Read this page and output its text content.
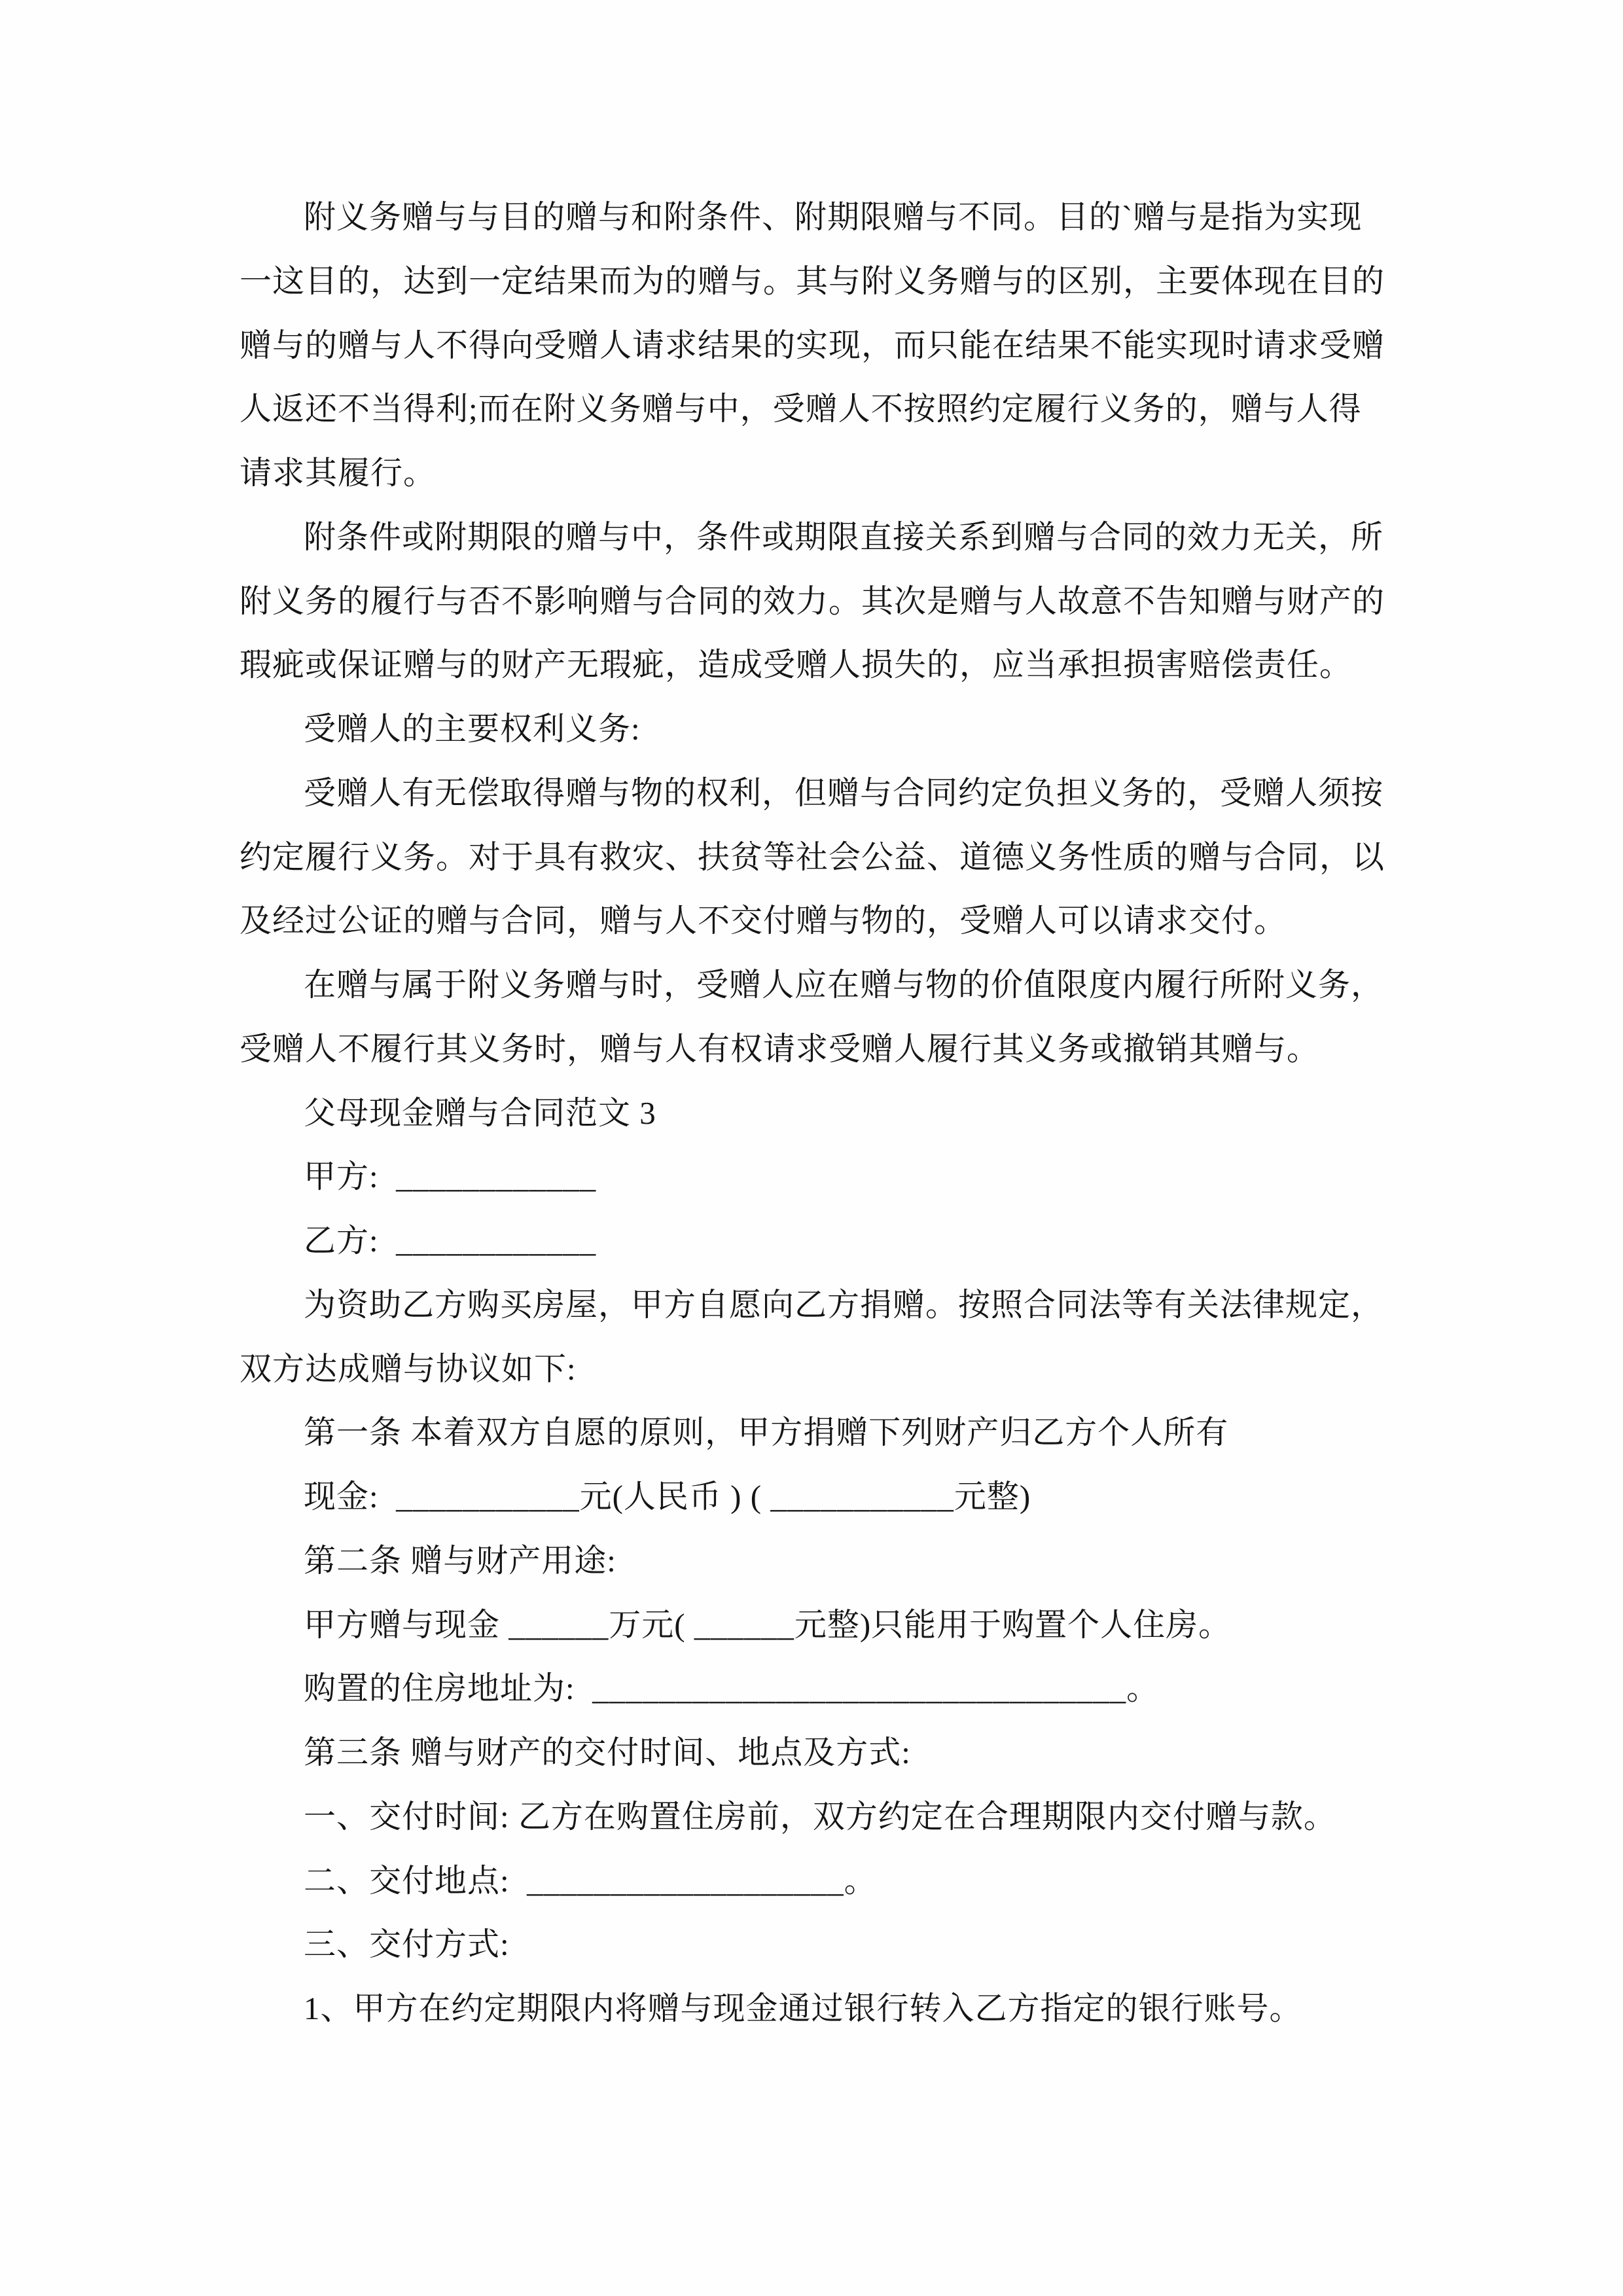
附义务赠与与目的赠与和附条件、附期限赠与不同。目的`赠与是指为实现
一这目的，达到一定结果而为的赠与。其与附义务赠与的区别，主要体现在目的
赠与的赠与人不得向受赠人请求结果的实现，而只能在结果不能实现时请求受赠
人返还不当得利;而在附义务赠与中，受赠人不按照约定履行义务的，赠与人得
请求其履行。
附条件或附期限的赠与中，条件或期限直接关系到赠与合同的效力无关，所
附义务的履行与否不影响赠与合同的效力。其次是赠与人故意不告知赠与财产的
瑕疵或保证赠与的财产无瑕疵，造成受赠人损失的，应当承担损害赔偿责任。
受赠人的主要权利义务:
受赠人有无偿取得赠与物的权利，但赠与合同约定负担义务的，受赠人须按
约定履行义务。对于具有救灾、扶贫等社会公益、道德义务性质的赠与合同，以
及经过公证的赠与合同，赠与人不交付赠与物的，受赠人可以请求交付。
在赠与属于附义务赠与时，受赠人应在赠与物的价值限度内履行所附义务，
受赠人不履行其义务时，赠与人有权请求受赠人履行其义务或撤销其赠与。
父母现金赠与合同范文 3
甲方:  ____________
乙方:  ____________
为资助乙方购买房屋，甲方自愿向乙方捐赠。按照合同法等有关法律规定，
双方达成赠与协议如下:
第一条 本着双方自愿的原则，甲方捐赠下列财产归乙方个人所有
现金:  ___________元(人民币 ) ( ___________元整)
第二条 赠与财产用途:
甲方赠与现金 ______万元( ______元整)只能用于购置个人住房。
购置的住房地址为:  ________________________________。
第三条 赠与财产的交付时间、地点及方式:
一、交付时间: 乙方在购置住房前，双方约定在合理期限内交付赠与款。
二、交付地点:  ___________________。
三、交付方式:
1、甲方在约定期限内将赠与现金通过银行转入乙方指定的银行账号。
